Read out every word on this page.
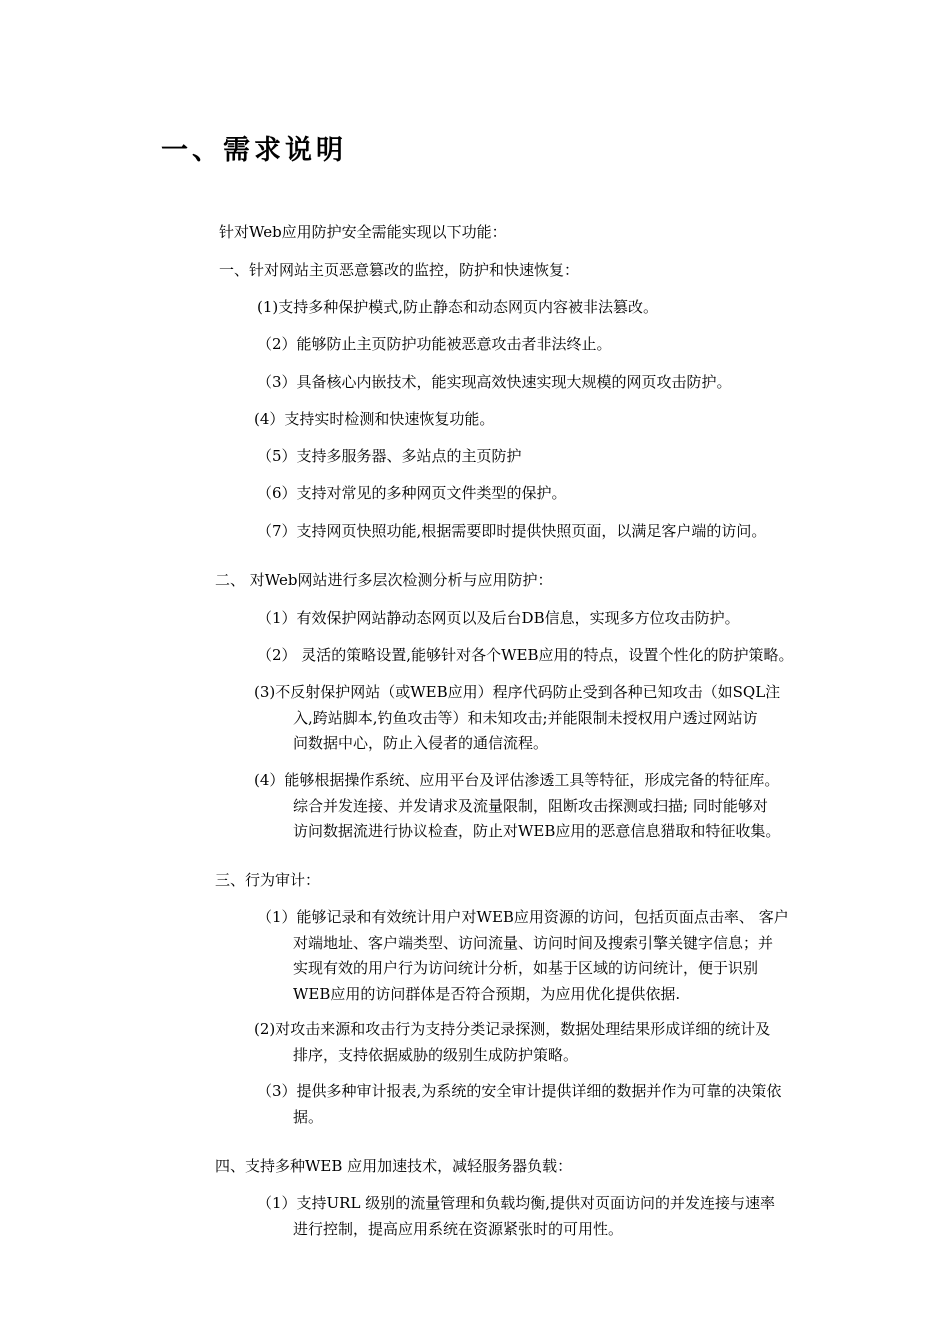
一、需求说明
针对Web应用防护安全需能实现以下功能：
一、针对网站主页恶意篡改的监控，防护和快速恢复：
(1)支持多种保护模式,防止静态和动态网页内容被非法篡改。
（2）能够防止主页防护功能被恶意攻击者非法终止。
（3）具备核心内嵌技术，能实现高效快速实现大规模的网页攻击防护。
(4）支持实时检测和快速恢复功能。
（5）支持多服务器、多站点的主页防护
（6）支持对常见的多种网页文件类型的保护。
（7）支持网页快照功能,根据需要即时提供快照页面，以满足客户端的访问。
二、 对Web网站进行多层次检测分析与应用防护：
（1）有效保护网站静动态网页以及后台DB信息，实现多方位攻击防护。
（2） 灵活的策略设置,能够针对各个WEB应用的特点，设置个性化的防护策略。
(3)不反射保护网站（或WEB应用）程序代码防止受到各种已知攻击（如SQL注
入,跨站脚本,钓鱼攻击等）和未知攻击;并能限制未授权用户透过网站访
问数据中心，防止入侵者的通信流程。
(4）能够根据操作系统、应用平台及评估渗透工具等特征，形成完备的特征库。
综合并发连接、并发请求及流量限制，阻断攻击探测或扫描; 同时能够对
访问数据流进行协议检查，防止对WEB应用的恶意信息猎取和特征收集。
三、行为审计：
（1）能够记录和有效统计用户对WEB应用资源的访问，包括页面点击率、 客户
对端地址、客户端类型、访问流量、访问时间及搜索引擎关键字信息；并
实现有效的用户行为访问统计分析，如基于区域的访问统计，便于识别
WEB应用的访问群体是否符合预期，为应用优化提供依据.
(2)对攻击来源和攻击行为支持分类记录探测，数据处理结果形成详细的统计及
排序，支持依据威胁的级别生成防护策略。
（3）提供多种审计报表,为系统的安全审计提供详细的数据并作为可靠的决策依
据。
四、支持多种WEB 应用加速技术，减轻服务器负载：
（1）支持URL 级别的流量管理和负载均衡,提供对页面访问的并发连接与速率
进行控制，提高应用系统在资源紧张时的可用性。
